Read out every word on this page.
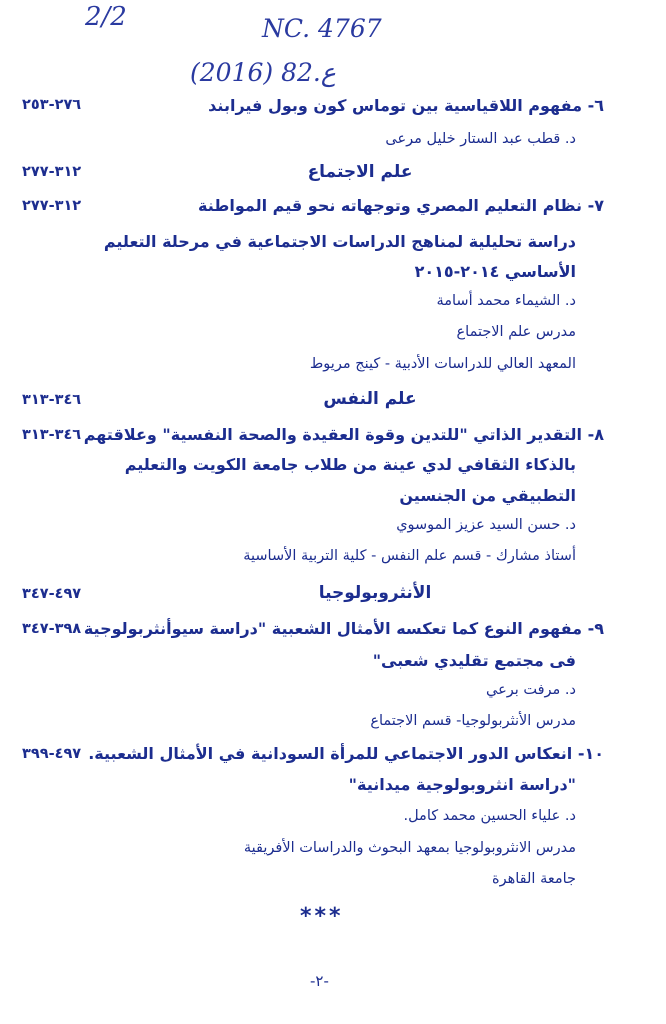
2/2	NC. 4767
(2016) 82.ع
٦- مفهوم اللاقياسية بين توماس كون وبول فيرابند
٢٧٦-٢٥٣
د. قطب عبد الستار خليل مرعى
علم الاجتماع
٣١٢-٢٧٧
٧- نظام التعليم المصري وتوجهاته نحو قيم المواطنة
٣١٢-٢٧٧
دراسة تحليلية لمناهج الدراسات الاجتماعية في مرحلة التعليم
الأساسي ٢٠١٤-٢٠١٥
د. الشيماء محمد أسامة
مدرس علم الاجتماع
المعهد العالي للدراسات الأدبية - كينج مريوط
علم النفس
٣٤٦-٣١٣
٨- التقدير الذاتي "للتدين وقوة العقيدة والصحة النفسية" وعلاقتهم
٣٤٦-٣١٣
بالذكاء الثقافي لدي عينة من طلاب جامعة الكويت والتعليم
التطبيقي من الجنسين
د. حسن السيد عزيز الموسوي
أستاذ مشارك - قسم علم النفس - كلية التربية الأساسية
الأنثروبولوجيا
٤٩٧-٣٤٧
٩- مفهوم النوع كما تعكسه الأمثال الشعبية "دراسة سيوأنثربولوجية
٣٩٨-٣٤٧
فى مجتمع تقليدي شعبى"
د. مرفت برعي
مدرس الأنثربولوجيا- قسم الاجتماع
١٠- انعكاس الدور الاجتماعي للمرأة السودانية في الأمثال الشعبية.
٤٩٧-٣٩٩
"دراسة انثروبولوجية ميدانية"
د. علياء الحسين محمد كامل.
مدرس الانثروبولوجيا بمعهد البحوث والدراسات الأفريقية
جامعة القاهرة
***
-٢-
